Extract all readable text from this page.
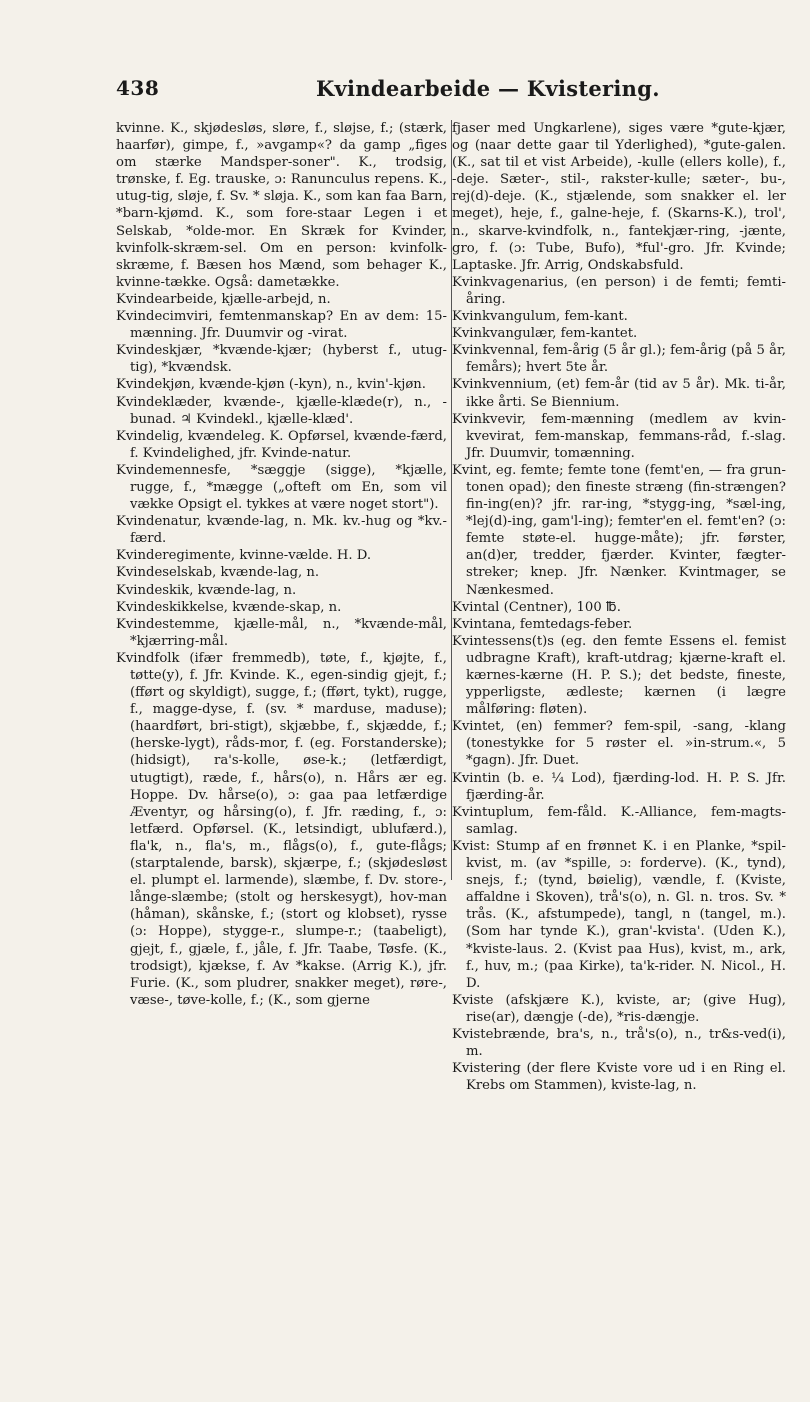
438	Kvindearbeide — Kvistering.

kvinne. K., skjødesløs, sløre, f., sløjse, f.; (stærk, haarfør), gimpe, f., »avgamp«? da gamp „figes om stærke Mandsper-soner". K., trodsig, trønske, f. Eg. trauske, ɔ: Ranunculus repens. K., utug-tig, sløje, f. Sv. * sløja. K., som kan faa Barn, *barn-kjømd. K., som fore-staar Legen i et Selskab, *olde-mor. En Skræk for Kvinder, kvinfolk-skræm-sel. Om en person: kvinfolk-skræme, f. Bæsen hos Mænd, som behager K., kvinne-tække. Også: dametække.

Kvindearbeide, kjælle-arbejd, n.

Kvindecimviri, femtenmanskap? En av dem: 15-mænning. Jfr. Duumvir og -virat.

Kvindeskjær, *kvænde-kjær; (hyberst f., utug-tig), *kvændsk.

Kvindekjøn, kvænde-kjøn (-kyn), n., kvin'-kjøn.

Kvindeklæder, kvænde-, kjælle-klæde(r), n., -bunad. ♃ Kvindekl., kjælle-klæd'.

Kvindelig, kvændeleg. K. Opførsel, kvænde-færd, f. Kvindelighed, jfr. Kvinde-natur.

Kvindemennesfe, *sæggje (sigge), *kjælle, rugge, f., *mægge („ofteft om En, som vil vække Opsigt el. tykkes at være noget stort").

Kvindenatur, kvænde-lag, n. Mk. kv.-hug og *kv.-færd.

Kvinderegimente, kvinne-vælde. H. D.

Kvindeselskab, kvænde-lag, n.

Kvindeskik, kvænde-lag, n.

Kvindeskikkelse, kvænde-skap, n.

Kvindestemme, kjælle-mål, n., *kvænde-mål, *kjærring-mål.

Kvindfolk (ifær fremmedb), tøte, f., kjøjte, f., tøtte(y), f. Jfr. Kvinde. K., egen-sindig gjejt, f.; (fført og skyldigt), sugge, f.; (fført, tykt), rugge, f., magge-dyse, f. (sv. * marduse, maduse); (haardført, bri-stigt), skjæbbe, f., skjædde, f.; (herske-lygt), råds-mor, f. (eg. Forstanderske); (hidsigt), ra's-kolle, øse-k.; (letfærdigt, utugtigt), ræde, f., hårs(o), n. Hårs ær eg. Hoppe. Dv. hårse(o), ɔ: gaa paa letfærdige Æventyr, og hårsing(o), f. Jfr. ræding, f., ɔ: letfærd. Opførsel. (K., letsindigt, ublufærd.), fla'k, n., fla's, m., flågs(o), f., gute-flågs; (starptalende, barsk), skjærpe, f.; (skjødesløst el. plumpt el. larmende), slæmbe, f. Dv. store-, långe-slæmbe; (stolt og herskesygt), hov-man (håman), skånske, f.; (stort og klobset), rysse (ɔ: Hoppe), stygge-r., slumpe-r.; (taabeligt), gjejt, f., gjæle, f., jåle, f. Jfr. Taabe, Tøsfe. (K., trodsigt), kjækse, f. Av *kakse. (Arrig K.), jfr. Furie. (K., som pludrer, snakker meget), røre-, væse-, tøve-kolle, f.; (K., som gjerne

fjaser med Ungkarlene), siges være *gute-kjær, og (naar dette gaar til Yderlighed), *gute-galen. (K., sat til et vist Arbeide), -kulle (ellers kolle), f., -deje. Sæter-, stil-, rakster-kulle; sæter-, bu-, rej(d)-deje. (K., stjælende, som snakker el. ler meget), heje, f., galne-heje, f. (Skarns-K.), trol', n., skarve-kvindfolk, n., fantekjær-ring, -jænte, gro, f. (ɔ: Tube, Bufo), *ful'-gro. Jfr. Kvinde; Laptaske. Jfr. Arrig, Ondskabsfuld.

Kvinkvagenarius, (en person) i de femti; femti-åring.

Kvinkvangulum, fem-kant.

Kvinkvangulær, fem-kantet.

Kvinkvennal, fem-årig (5 år gl.); fem-årig (på 5 år, femårs); hvert 5te år.

Kvinkvennium, (et) fem-år (tid av 5 år). Mk. ti-år, ikke årti. Se Biennium.

Kvinkvevir, fem-mænning (medlem av kvin-kvevirat, fem-manskap, femmans-råd, f.-slag. Jfr. Duumvir, tomænning.

Kvint, eg. femte; femte tone (femt'en, — fra grun-tonen opad); den fineste stræng (fin-strængen? fin-ing(en)? jfr. rar-ing, *stygg-ing, *sæl-ing, *lej(d)-ing, gam'l-ing); femter'en el. femt'en? (ɔ: femte støte-el. hugge-måte); jfr. førster, an(d)er, tredder, fjærder. Kvinter, fægter-streker; knep. Jfr. Nænker. Kvintmager, se Nænkesmed.

Kvintal (Centner), 100 ℔.

Kvintana, femtedags-feber.

Kvintessens(t)s (eg. den femte Essens el. femist udbragne Kraft), kraft-utdrag; kjærne-kraft el. kærnes-kærne (H. P. S.); det bedste, fineste, ypperligste, ædleste; kærnen (i lægre målføring: fløten).

Kvintet, (en) femmer? fem-spil, -sang, -klang (tonestykke for 5 røster el. »in-strum.«, 5 *gagn). Jfr. Duet.

Kvintin (b. e. ¼ Lod), fjærding-lod. H. P. S. Jfr. fjærding-år.

Kvintuplum, fem-fåld. K.-Alliance, fem-magts-samlag.

Kvist: Stump af en frønnet K. i en Planke, *spil-kvist, m. (av *spille, ɔ: forderve). (K., tynd), snejs, f.; (tynd, bøielig), vændle, f. (Kviste, affaldne i Skoven), trå's(o), n. Gl. n. tros. Sv. * trås. (K., afstumpede), tangl, n (tangel, m.). (Som har tynde K.), gran'-kvista'. (Uden K.), *kviste-laus. 2. (Kvist paa Hus), kvist, m., ark, f., huv, m.; (paa Kirke), ta'k-rider. N. Nicol., H. D.

Kviste (afskjære K.), kviste, ar; (give Hug), rise(ar), dængje (-de), *ris-dængje.

Kvistebrænde, bra's, n., trå's(o), n., tr&s-ved(i), m.

Kvistering (der flere Kviste vore ud i en Ring el. Krebs om Stammen), kviste-lag, n.
